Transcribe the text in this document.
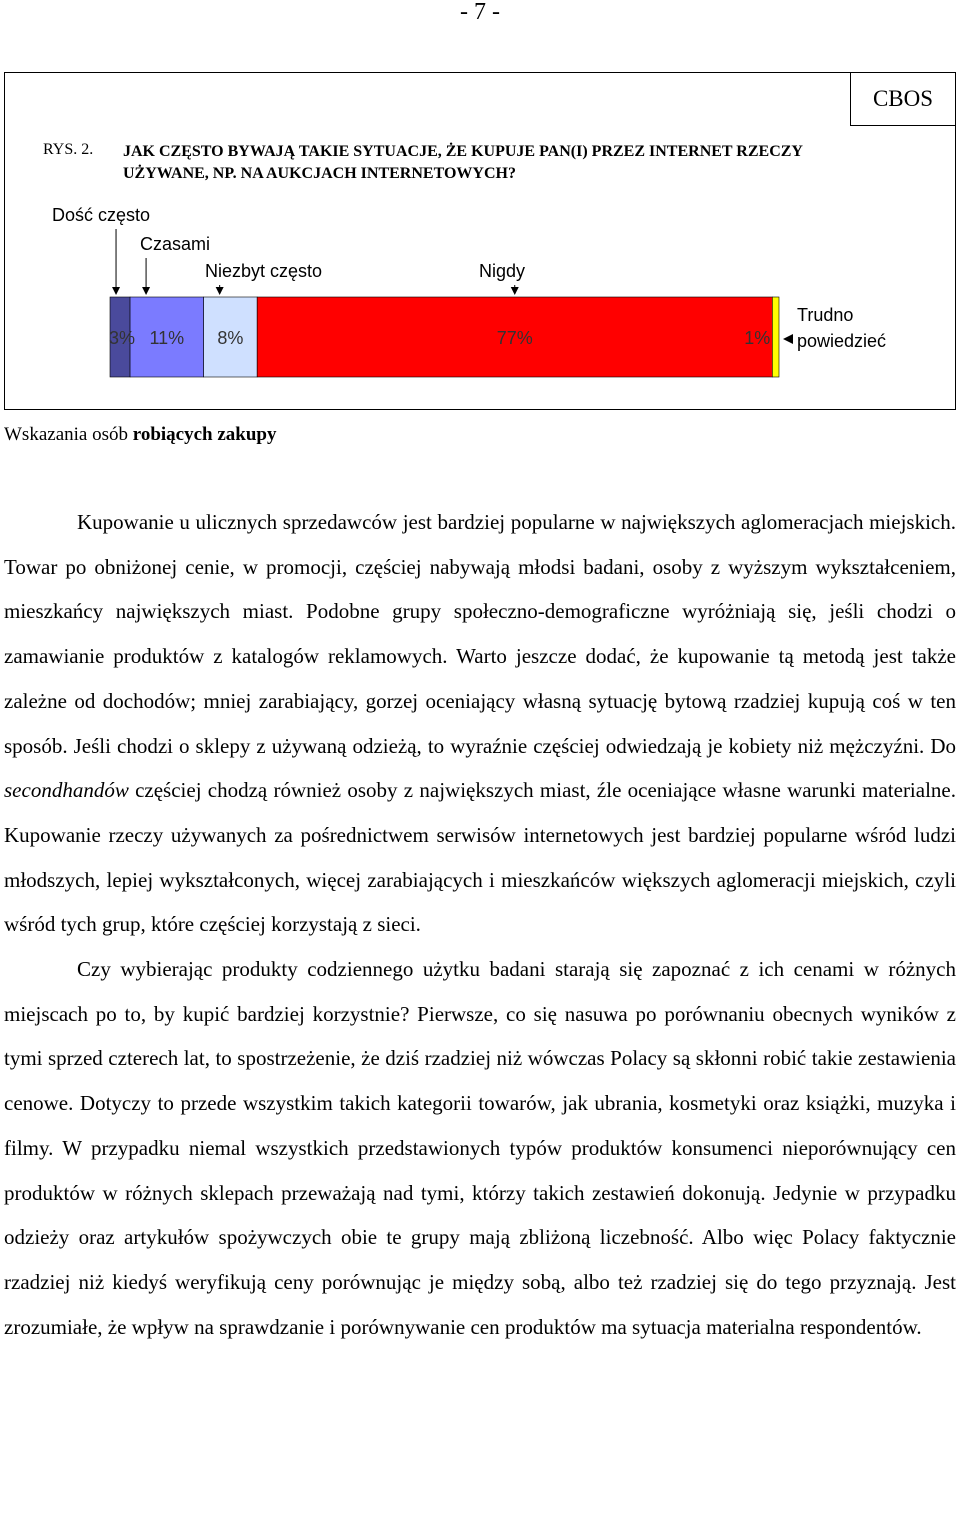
- 7 -
CBOS
RYS. 2. JAK CZĘSTO BYWAJĄ TAKIE SYTUACJE, ŻE KUPUJE PAN(I) PRZEZ INTERNET RZECZY UŻYWANE, NP. NA AUKCJACH INTERNETOWYCH?
3% 11% 8%	77%	1%
Dość często
Czasami
Niezbyt często	Nigdy
Trudno
powiedzieć
Wskazania osób robiących zakupy

Kupowanie u ulicznych sprzedawców jest bardziej popularne w największych aglomeracjach miejskich. Towar po obniżonej cenie, w promocji, częściej nabywają młodsi badani, osoby z wyższym wykształceniem, mieszkańcy największych miast. Podobne grupy społeczno-demograficzne wyróżniają się, jeśli chodzi o zamawianie produktów z katalogów reklamowych. Warto jeszcze dodać, że kupowanie tą metodą jest także zależne od dochodów; mniej zarabiający, gorzej oceniający własną sytuację bytową rzadziej kupują coś w ten sposób. Jeśli chodzi o sklepy z używaną odzieżą, to wyraźnie częściej odwiedzają je kobiety niż mężczyźni. Do secondhandów częściej chodzą również osoby z największych miast, źle oceniające własne warunki materialne. Kupowanie rzeczy używanych za pośrednictwem serwisów internetowych jest bardziej popularne wśród ludzi młodszych, lepiej wykształconych, więcej zarabiających i mieszkańców większych aglomeracji miejskich, czyli wśród tych grup, które częściej korzystają z sieci.

Czy wybierając produkty codziennego użytku badani starają się zapoznać z ich cenami w różnych miejscach po to, by kupić bardziej korzystnie? Pierwsze, co się nasuwa po porównaniu obecnych wyników z tymi sprzed czterech lat, to spostrzeżenie, że dziś rzadziej niż wówczas Polacy są skłonni robić takie zestawienia cenowe. Dotyczy to przede wszystkim takich kategorii towarów, jak ubrania, kosmetyki oraz książki, muzyka i filmy. W przypadku niemal wszystkich przedstawionych typów produktów konsumenci nieporównujący cen produktów w różnych sklepach przeważają nad tymi, którzy takich zestawień dokonują. Jedynie w przypadku odzieży oraz artykułów spożywczych obie te grupy mają zbliżoną liczebność. Albo więc Polacy faktycznie rzadziej niż kiedyś weryfikują ceny porównując je między sobą, albo też rzadziej się do tego przyznają. Jest zrozumiałe, że wpływ na sprawdzanie i porównywanie cen produktów ma sytuacja materialna respondentów.
